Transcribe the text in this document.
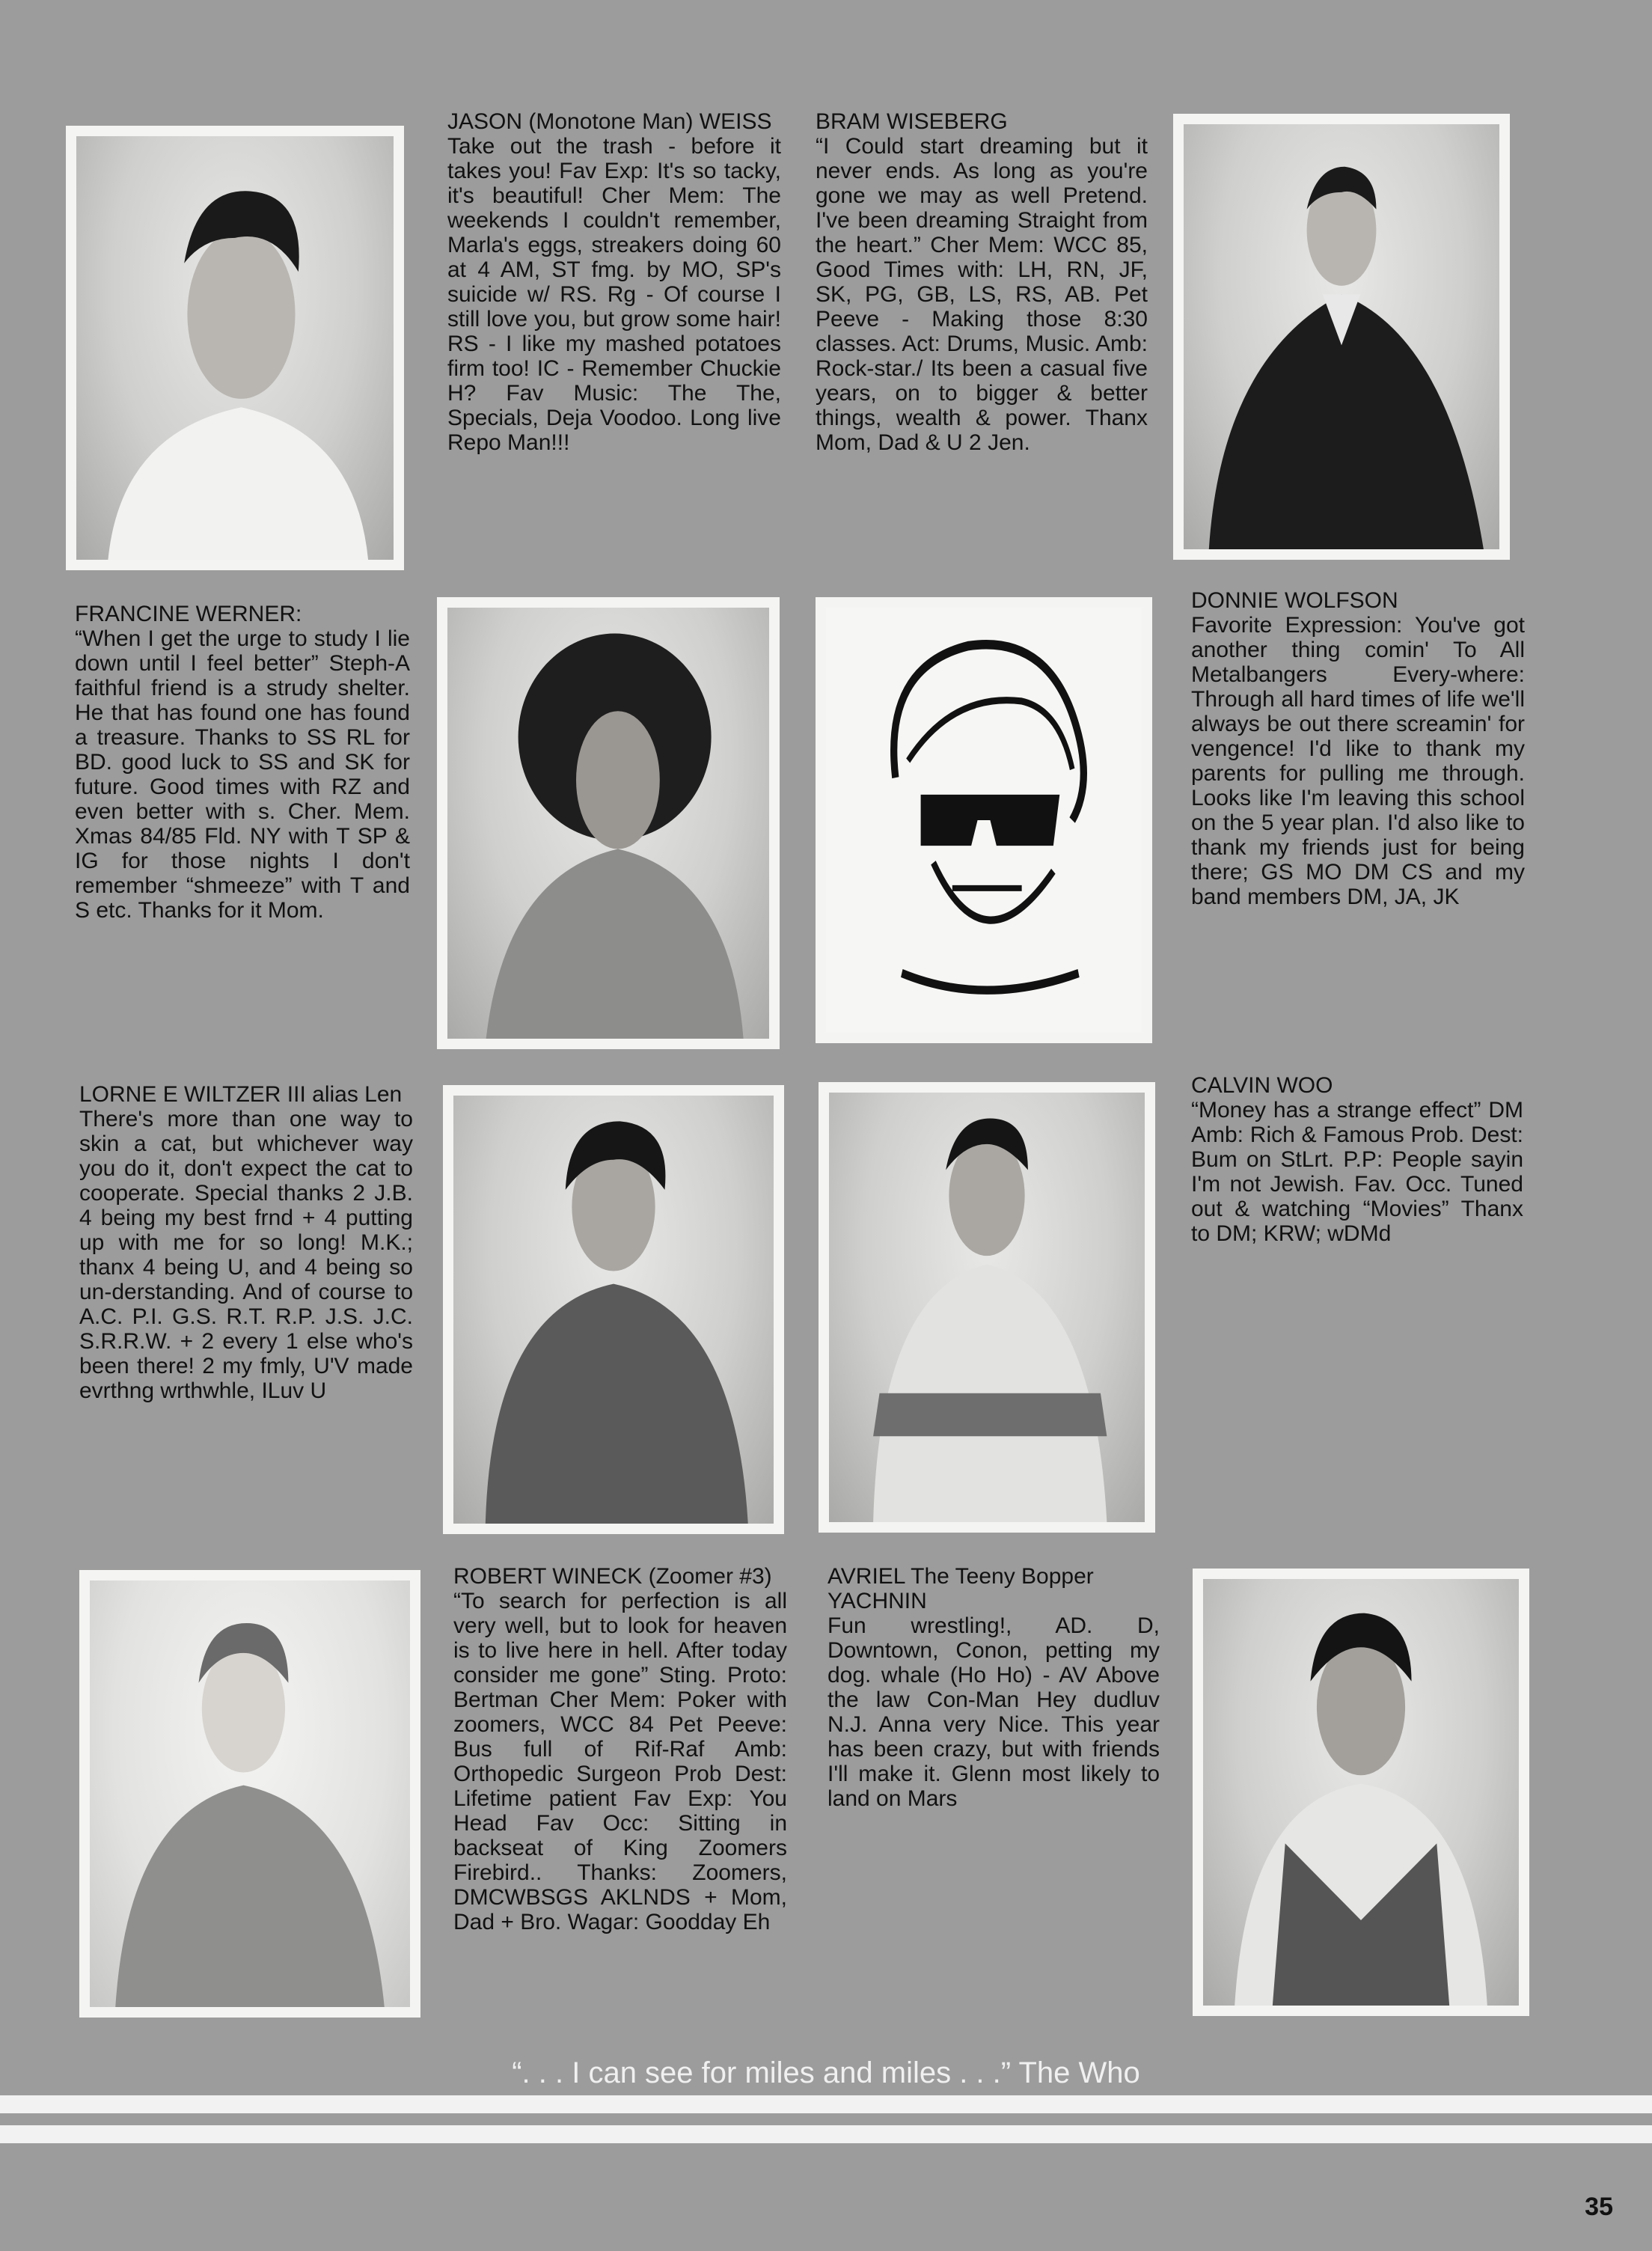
JASON (Monotone Man) WEISS
Take out the trash - before it takes you! Fav Exp: It's so tacky, it's beautiful! Cher Mem: The weekends I couldn't remember, Marla's eggs, streakers doing 60 at 4 AM, ST fmg. by MO, SP's suicide w/ RS. Rg - Of course I still love you, but grow some hair! RS - I like my mashed potatoes firm too! IC - Remember Chuckie H? Fav Music: The The, Specials, Deja Voodoo. Long live Repo Man!!!
BRAM WISEBERG
“I Could start dreaming but it never ends. As long as you're gone we may as well Pretend. I've been dreaming Straight from the heart.” Cher Mem: WCC 85, Good Times with: LH, RN, JF, SK, PG, GB, LS, RS, AB. Pet Peeve - Making those 8:30 classes. Act: Drums, Music. Amb: Rock-star./ Its been a casual five years, on to bigger & better things, wealth & power. Thanx Mom, Dad & U 2 Jen.
FRANCINE WERNER:
“When I get the urge to study I lie down until I feel better” Steph-A faithful friend is a strudy shelter. He that has found one has found a treasure. Thanks to SS RL for BD. good luck to SS and SK for future. Good times with RZ and even better with s. Cher. Mem. Xmas 84/85 Fld. NY with T SP & IG for those nights I don't remember “shmeeze” with T and S etc. Thanks for it Mom.
DONNIE WOLFSON
Favorite Expression: You've got another thing comin' To All Metalbangers Every-where: Through all hard times of life we'll always be out there screamin' for vengence! I'd like to thank my parents for pulling me through. Looks like I'm leaving this school on the 5 year plan. I'd also like to thank my friends just for being there; GS MO DM CS and my band members DM, JA, JK
LORNE E WILTZER III alias Len
There's more than one way to skin a cat, but whichever way you do it, don't expect the cat to cooperate. Special thanks 2 J.B. 4 being my best frnd + 4 putting up with me for so long! M.K.; thanx 4 being U, and 4 being so un-derstanding. And of course to A.C. P.I. G.S. R.T. R.P. J.S. J.C. S.R.R.W. + 2 every 1 else who's been there! 2 my fmly, U'V made evrthng wrthwhle, ILuv U
CALVIN WOO
“Money has a strange effect” DM Amb: Rich & Famous Prob. Dest: Bum on StLrt. P.P: People sayin I'm not Jewish. Fav. Occ. Tuned out & watching “Movies” Thanx to DM; KRW; wDMd
ROBERT WINECK (Zoomer #3)
“To search for perfection is all very well, but to look for heaven is to live here in hell. After today consider me gone” Sting. Proto: Bertman Cher Mem: Poker with zoomers, WCC 84 Pet Peeve: Bus full of Rif-Raf Amb: Orthopedic Surgeon Prob Dest: Lifetime patient Fav Exp: You Head Fav Occ: Sitting in backseat of King Zoomers Firebird.. Thanks: Zoomers, DMCWBSGS AKLNDS + Mom, Dad + Bro. Wagar: Goodday Eh
AVRIEL The Teeny Bopper YACHNIN
Fun wrestling!, AD. D, Downtown, Conon, petting my dog. whale (Ho Ho) - AV Above the law Con-Man Hey dudluv N.J. Anna very Nice. This year has been crazy, but with friends I'll make it. Glenn most likely to land on Mars
“. . . I can see for miles and miles . . .” The Who
35
